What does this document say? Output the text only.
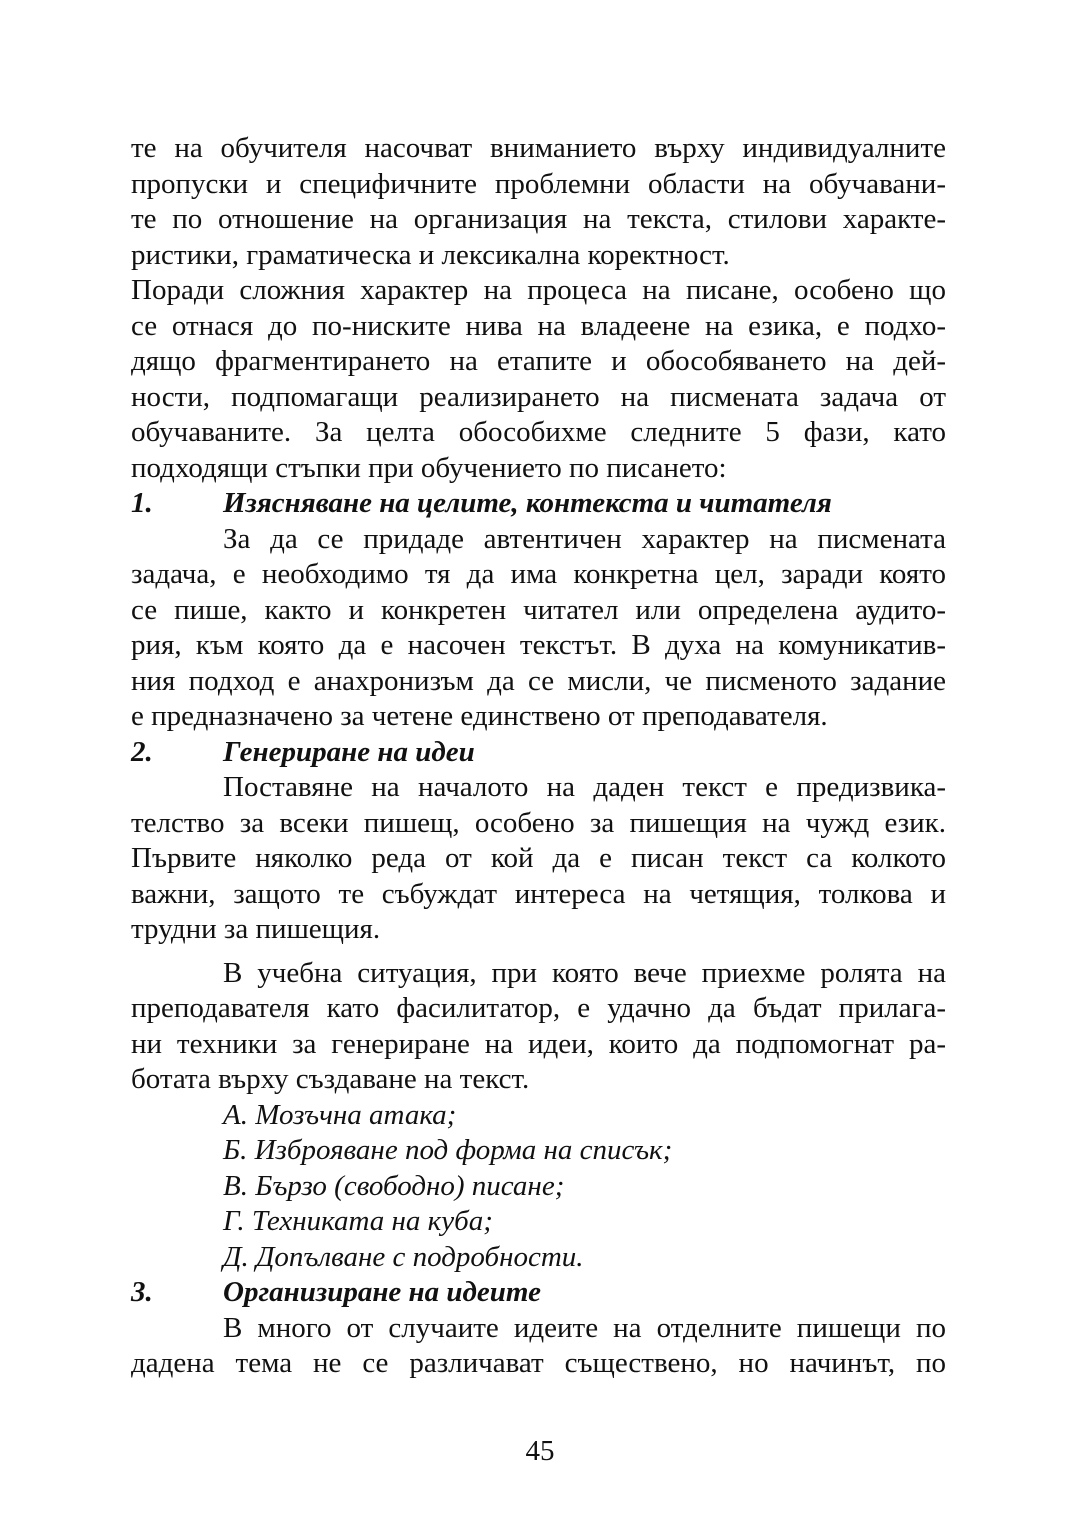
те на обучителя насочват вниманието върху индивидуалните
пропуски и специфичните проблемни области на обучавани-
те по отношение на организация на текста, стилови характе-
ристики, граматическа и лексикална коректност.
Поради сложния характер на процеса на писане, особено що
се отнася до по-ниските нива на владеене на езика, е подхо-
дящо фрагментирането на етапите и обособяването на дей-
ности, подпомагащи реализирането на писмената задача от
обучаваните. За целта обособихме следните 5 фази, като
подходящи стъпки при обучението по писането:
1. Изясняване на целите, контекста и читателя
За да се придаде автентичен характер на писмената
задача, е необходимо тя да има конкретна цел, заради която
се пише, както и конкретен читател или определена аудито-
рия, към която да е насочен текстът. В духа на комуникатив-
ния подход е анахронизъм да се мисли, че писменото задание
е предназначено за четене единствено от преподавателя.
2. Генериране на идеи
Поставяне на началото на даден текст е предизвика-
телство за всеки пишещ, особено за пишещия на чужд език.
Първите няколко реда от кой да е писан текст са колкото
важни, защото те събуждат интереса на четящия, толкова и
трудни за пишещия.
В учебна ситуация, при която вече приехме ролята на
преподавателя като фасилитатор, е удачно да бъдат прилага-
ни техники за генериране на идеи, които да подпомогнат ра-
ботата върху създаване на текст.
А. Мозъчна атака;
Б. Изброяване под форма на списък;
В. Бързо (свободно) писане;
Г. Техниката на куба;
Д. Допълване с подробности.
3. Организиране на идеите
В много от случаите идеите на отделните пишещи по
дадена тема не се различават съществено, но начинът, по
45
